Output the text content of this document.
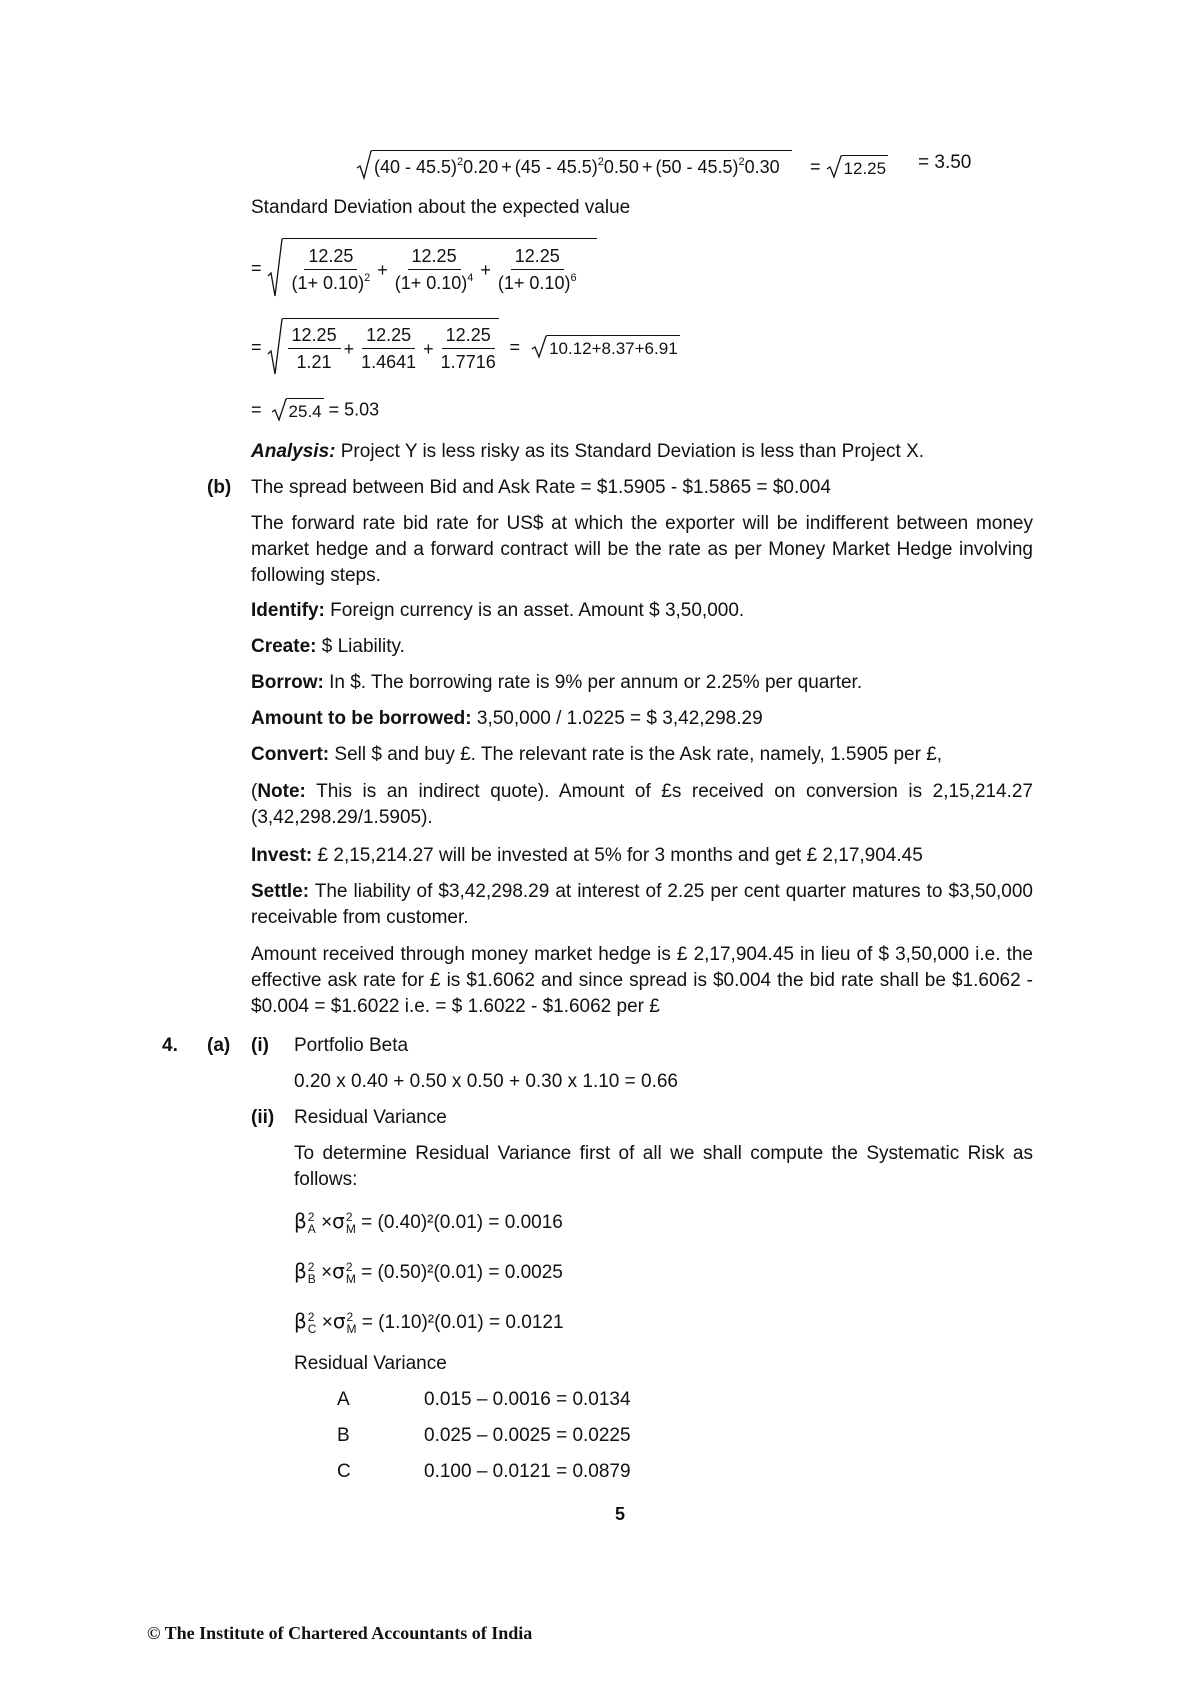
(40 - 45.5)$^2$0.20 + (45 - 45.5)$^2$0.50 + (50 - 45.5)$^2$0.30 = 12.25 = 3.50
Standard Deviation about the expected value
= $\frac{12.25}{(1+ 0.10)^2} + \frac{12.25}{(1+ 0.10)^4} + \frac{12.25}{(1+ 0.10)^6}$
= $\frac{12.25}{1.21} + \frac{12.25}{1.4641} + \frac{12.25}{1.7716} = 10.12+8.37+6.91$
= 25.4 = 5.03
Analysis: Project Y is less risky as its Standard Deviation is less than Project X.
(b) The spread between Bid and Ask Rate = $1.5905 - $1.5865 = $0.004
The forward rate bid rate for US$ at which the exporter will be indifferent between money market hedge and a forward contract will be the rate as per Money Market Hedge involving following steps.
Identify: Foreign currency is an asset. Amount $ 3,50,000.
Create: $ Liability.
Borrow: In $. The borrowing rate is 9% per annum or 2.25% per quarter.
Amount to be borrowed: 3,50,000 / 1.0225 = $ 3,42,298.29
Convert: Sell $ and buy £. The relevant rate is the Ask rate, namely, 1.5905 per £,
(Note: This is an indirect quote). Amount of £s received on conversion is 2,15,214.27 (3,42,298.29/1.5905).
Invest: £ 2,15,214.27 will be invested at 5% for 3 months and get £ 2,17,904.45
Settle: The liability of $3,42,298.29 at interest of 2.25 per cent quarter matures to $3,50,000 receivable from customer.
Amount received through money market hedge is £ 2,17,904.45 in lieu of $ 3,50,000 i.e. the effective ask rate for £ is $1.6062 and since spread is $0.004 the bid rate shall be $1.6062 - $0.004 = $1.6022 i.e. = $ 1.6022 - $1.6062 per £
4. (a) (i) Portfolio Beta
0.20 x 0.40 + 0.50 x 0.50 + 0.30 x 1.10 = 0.66
(ii) Residual Variance
To determine Residual Variance first of all we shall compute the Systematic Risk as follows:
β 2
A ×σ 2
M = (0.40)²(0.01) = 0.0016
β 2
B ×σ 2
M = (0.50)²(0.01) = 0.0025
β 2
C ×σ 2
M = (1.10)²(0.01) = 0.0121
Residual Variance
A	0.015 – 0.0016 = 0.0134
B	0.025 – 0.0025 = 0.0225
C	0.100 – 0.0121 = 0.0879
5
© The Institute of Chartered Accountants of India
